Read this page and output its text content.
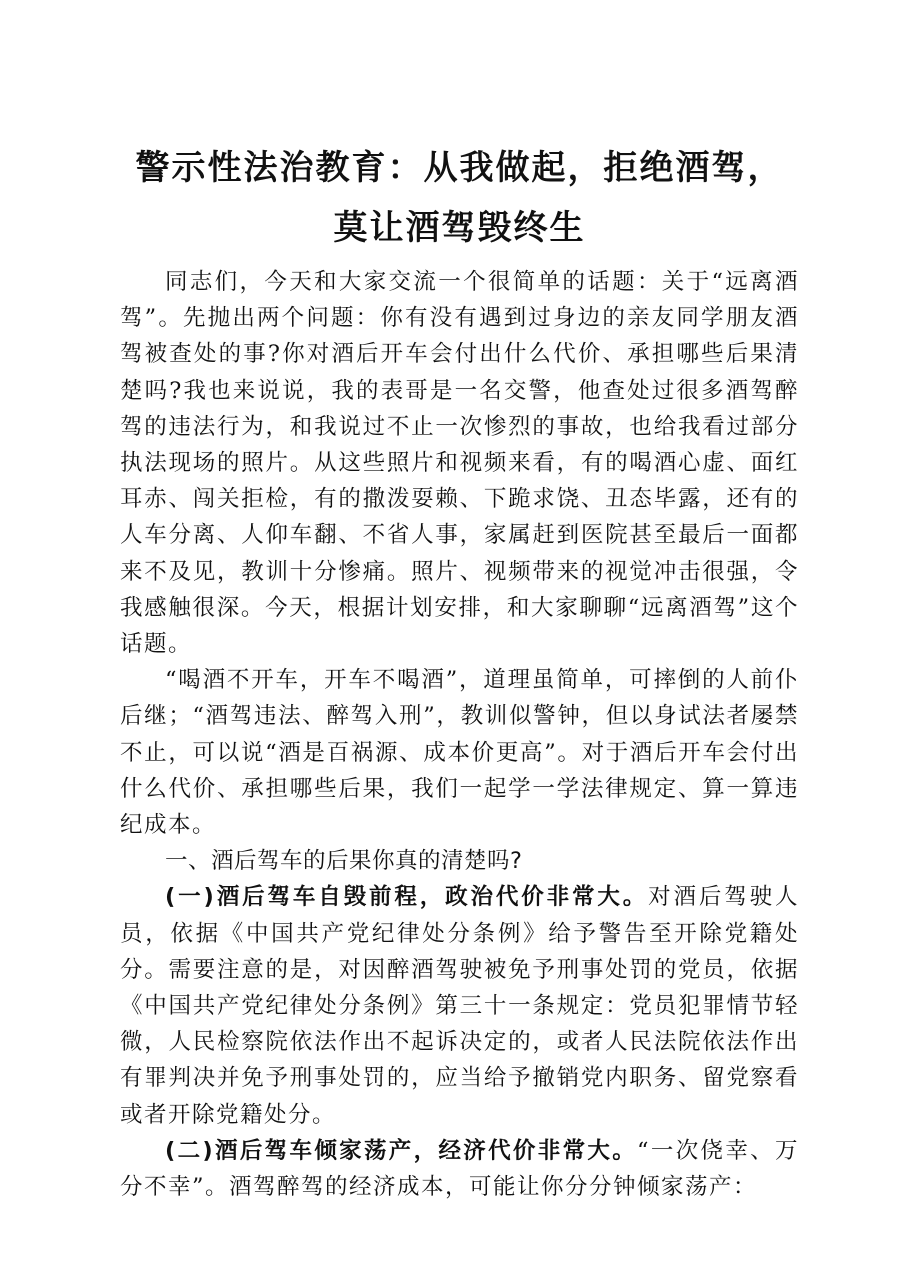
警示性法治教育：从我做起，拒绝酒驾，莫让酒驾毁终生

同志们，今天和大家交流一个很简单的话题：关于“远离酒驾”。先抛出两个问题：你有没有遇到过身边的亲友同学朋友酒驾被查处的事?你对酒后开车会付出什么代价、承担哪些后果清楚吗?我也来说说，我的表哥是一名交警，他查处过很多酒驾醉驾的违法行为，和我说过不止一次惨烈的事故，也给我看过部分执法现场的照片。从这些照片和视频来看，有的喝酒心虚、面红耳赤、闯关拒检，有的撒泼耍赖、下跪求饶、丑态毕露，还有的人车分离、人仰车翻、不省人事，家属赶到医院甚至最后一面都来不及见，教训十分惨痛。照片、视频带来的视觉冲击很强，令我感触很深。今天，根据计划安排，和大家聊聊“远离酒驾”这个话题。

“喝酒不开车，开车不喝酒”，道理虽简单，可摔倒的人前仆后继；“酒驾违法、醉驾入刑”，教训似警钟，但以身试法者屡禁不止，可以说“酒是百祸源、成本价更高”。对于酒后开车会付出什么代价、承担哪些后果，我们一起学一学法律规定、算一算违纪成本。

一、酒后驾车的后果你真的清楚吗?

(一)酒后驾车自毁前程，政治代价非常大。对酒后驾驶人员，依据《中国共产党纪律处分条例》给予警告至开除党籍处分。需要注意的是，对因醉酒驾驶被免予刑事处罚的党员，依据《中国共产党纪律处分条例》第三十一条规定：党员犯罪情节轻微，人民检察院依法作出不起诉决定的，或者人民法院依法作出有罪判决并免予刑事处罚的，应当给予撤销党内职务、留党察看或者开除党籍处分。

(二)酒后驾车倾家荡产，经济代价非常大。“一次侥幸、万分不幸”。酒驾醉驾的经济成本，可能让你分分钟倾家荡产：
